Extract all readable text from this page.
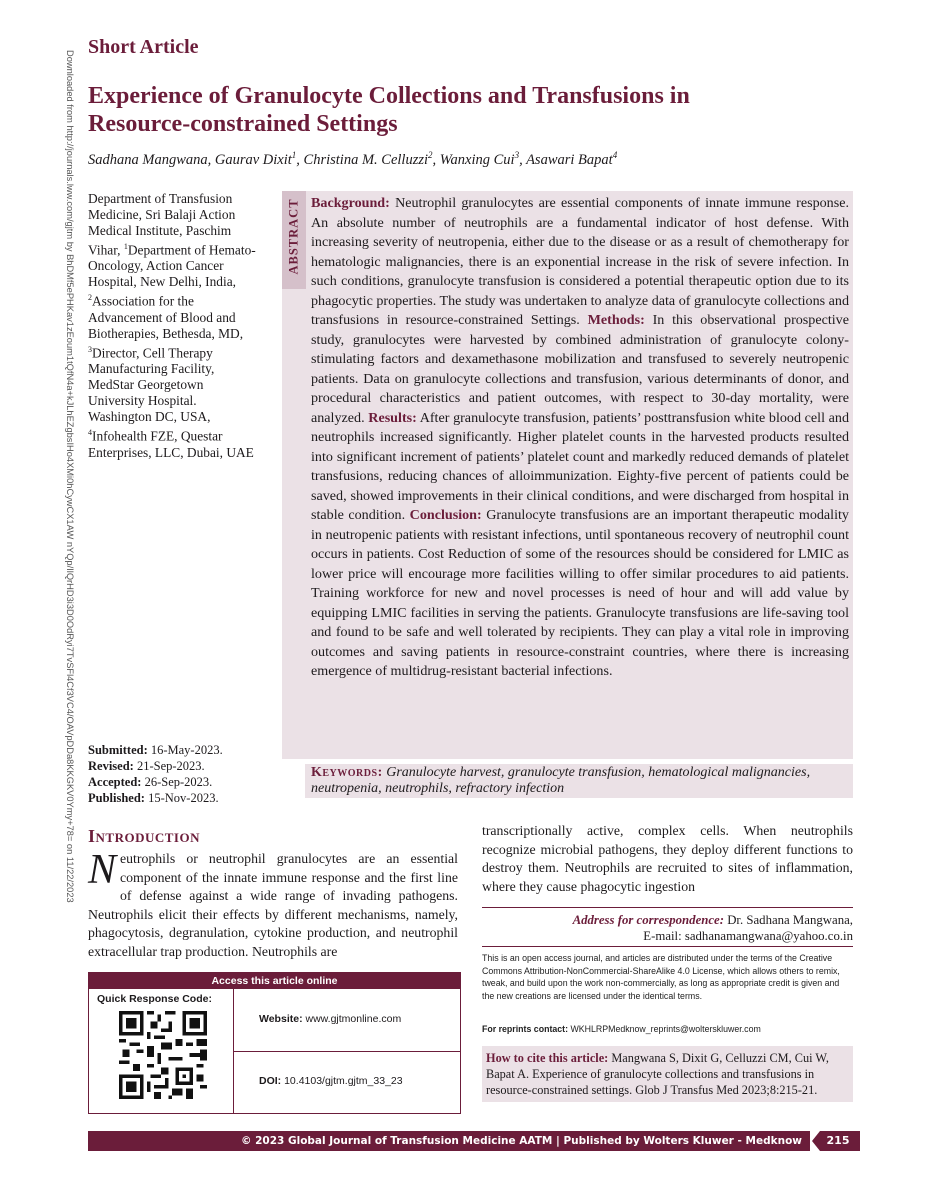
Short Article
Experience of Granulocyte Collections and Transfusions in Resource-constrained Settings
Sadhana Mangwana, Gaurav Dixit$^1$, Christina M. Celluzzi$^2$, Wanxing Cui$^3$, Asawari Bapat$^4$
Downloaded from http://journals.lww.com/gjtm by BhDMf5ePHKav1zEoum1tQfN4a+kJLhEZgbsIHo4XMi0hCywCX1AW nYQp/IlQrHD3i3D0OdRyi7TvSFl4Cf3VC4/OAVpDDa8KKGKV0Ymy+78= on 11/22/2023 Department of Transfusion Medicine, Sri Balaji Action Medical Institute, Paschim Vihar, $^1$Department of Hemato-Oncology, Action Cancer Hospital, New Delhi, India, $^2$Association for the Advancement of Blood and Biotherapies, Bethesda, MD, $^3$Director, Cell Therapy Manufacturing Facility, MedStar Georgetown University Hospital. Washington DC, USA, $^4$Infohealth FZE, Questar Enterprises, LLC, Dubai, UAE
Submitted: 16-May-2023.
Revised: 21-Sep-2023.
Accepted: 26-Sep-2023.
Published: 15-Nov-2023.
ABSTRACT Background: Neutrophil granulocytes are essential components of innate immune response. An absolute number of neutrophils are a fundamental indicator of host defense. With increasing severity of neutropenia, either due to the disease or as a result of chemotherapy for hematologic malignancies, there is an exponential increase in the risk of severe infection. In such conditions, granulocyte transfusion is considered a potential therapeutic option due to its phagocytic properties. The study was undertaken to analyze data of granulocyte collections and transfusions in resource-constrained Settings. Methods: In this observational prospective study, granulocytes were harvested by combined administration of granulocyte colony-stimulating factors and dexamethasone mobilization and transfused to severely neutropenic patients. Data on granulocyte collections and transfusion, various determinants of donor, and procedural characteristics and patient outcomes, with respect to 30-day mortality, were analyzed. Results: After granulocyte transfusion, patients’ posttransfusion white blood cell and neutrophils increased significantly. Higher platelet counts in the harvested products resulted into significant increment of patients’ platelet count and markedly reduced demands of platelet transfusions, reducing chances of alloimmunization. Eighty-five percent of patients could be saved, showed improvements in their clinical conditions, and were discharged from hospital in stable condition. Conclusion: Granulocyte transfusions are an important therapeutic modality in neutropenic patients with resistant infections, until spontaneous recovery of neutrophil count occurs in patients. Cost Reduction of some of the resources should be considered for LMIC as lower price will encourage more facilities willing to offer similar procedures to aid patients. Training workforce for new and novel processes is need of hour and will add value by equipping LMIC facilities in serving the patients. Granulocyte transfusions are life-saving tool and found to be safe and well tolerated by recipients. They can play a vital role in improving outcomes and saving patients in resource-constraint countries, where there is increasing emergence of multidrug-resistant bacterial infections.
Keywords: Granulocyte harvest, granulocyte transfusion, hematological malignancies, neutropenia, neutrophils, refractory infection
Introduction
Neutrophils or neutrophil granulocytes are an essential component of the innate immune response and the first line of defense against a wide range of invading pathogens. Neutrophils elicit their effects by different mechanisms, namely, phagocytosis, degranulation, cytokine production, and neutrophil extracellular trap production. Neutrophils are
transcriptionally active, complex cells. When neutrophils recognize microbial pathogens, they deploy different functions to destroy them. Neutrophils are recruited to sites of inflammation, where they cause phagocytic ingestion
Address for correspondence: Dr. Sadhana Mangwana,
E-mail: sadhanamangwana@yahoo.co.in
This is an open access journal, and articles are distributed under the terms of the Creative Commons Attribution-NonCommercial-ShareAlike 4.0 License, which allows others to remix, tweak, and build upon the work non-commercially, as long as appropriate credit is given and the new creations are licensed under the identical terms.
For reprints contact: WKHLRPMedknow_reprints@wolterskluwer.com
How to cite this article: Mangwana S, Dixit G, Celluzzi CM, Cui W, Bapat A. Experience of granulocyte collections and transfusions in resource-constrained settings. Glob J Transfus Med 2023;8:215-21.
Access this article online
Quick Response Code:
Website: www.gjtmonline.com
DOI: 10.4103/gjtm.gjtm_33_23
© 2023 Global Journal of Transfusion Medicine AATM | Published by Wolters Kluwer - Medknow	215
